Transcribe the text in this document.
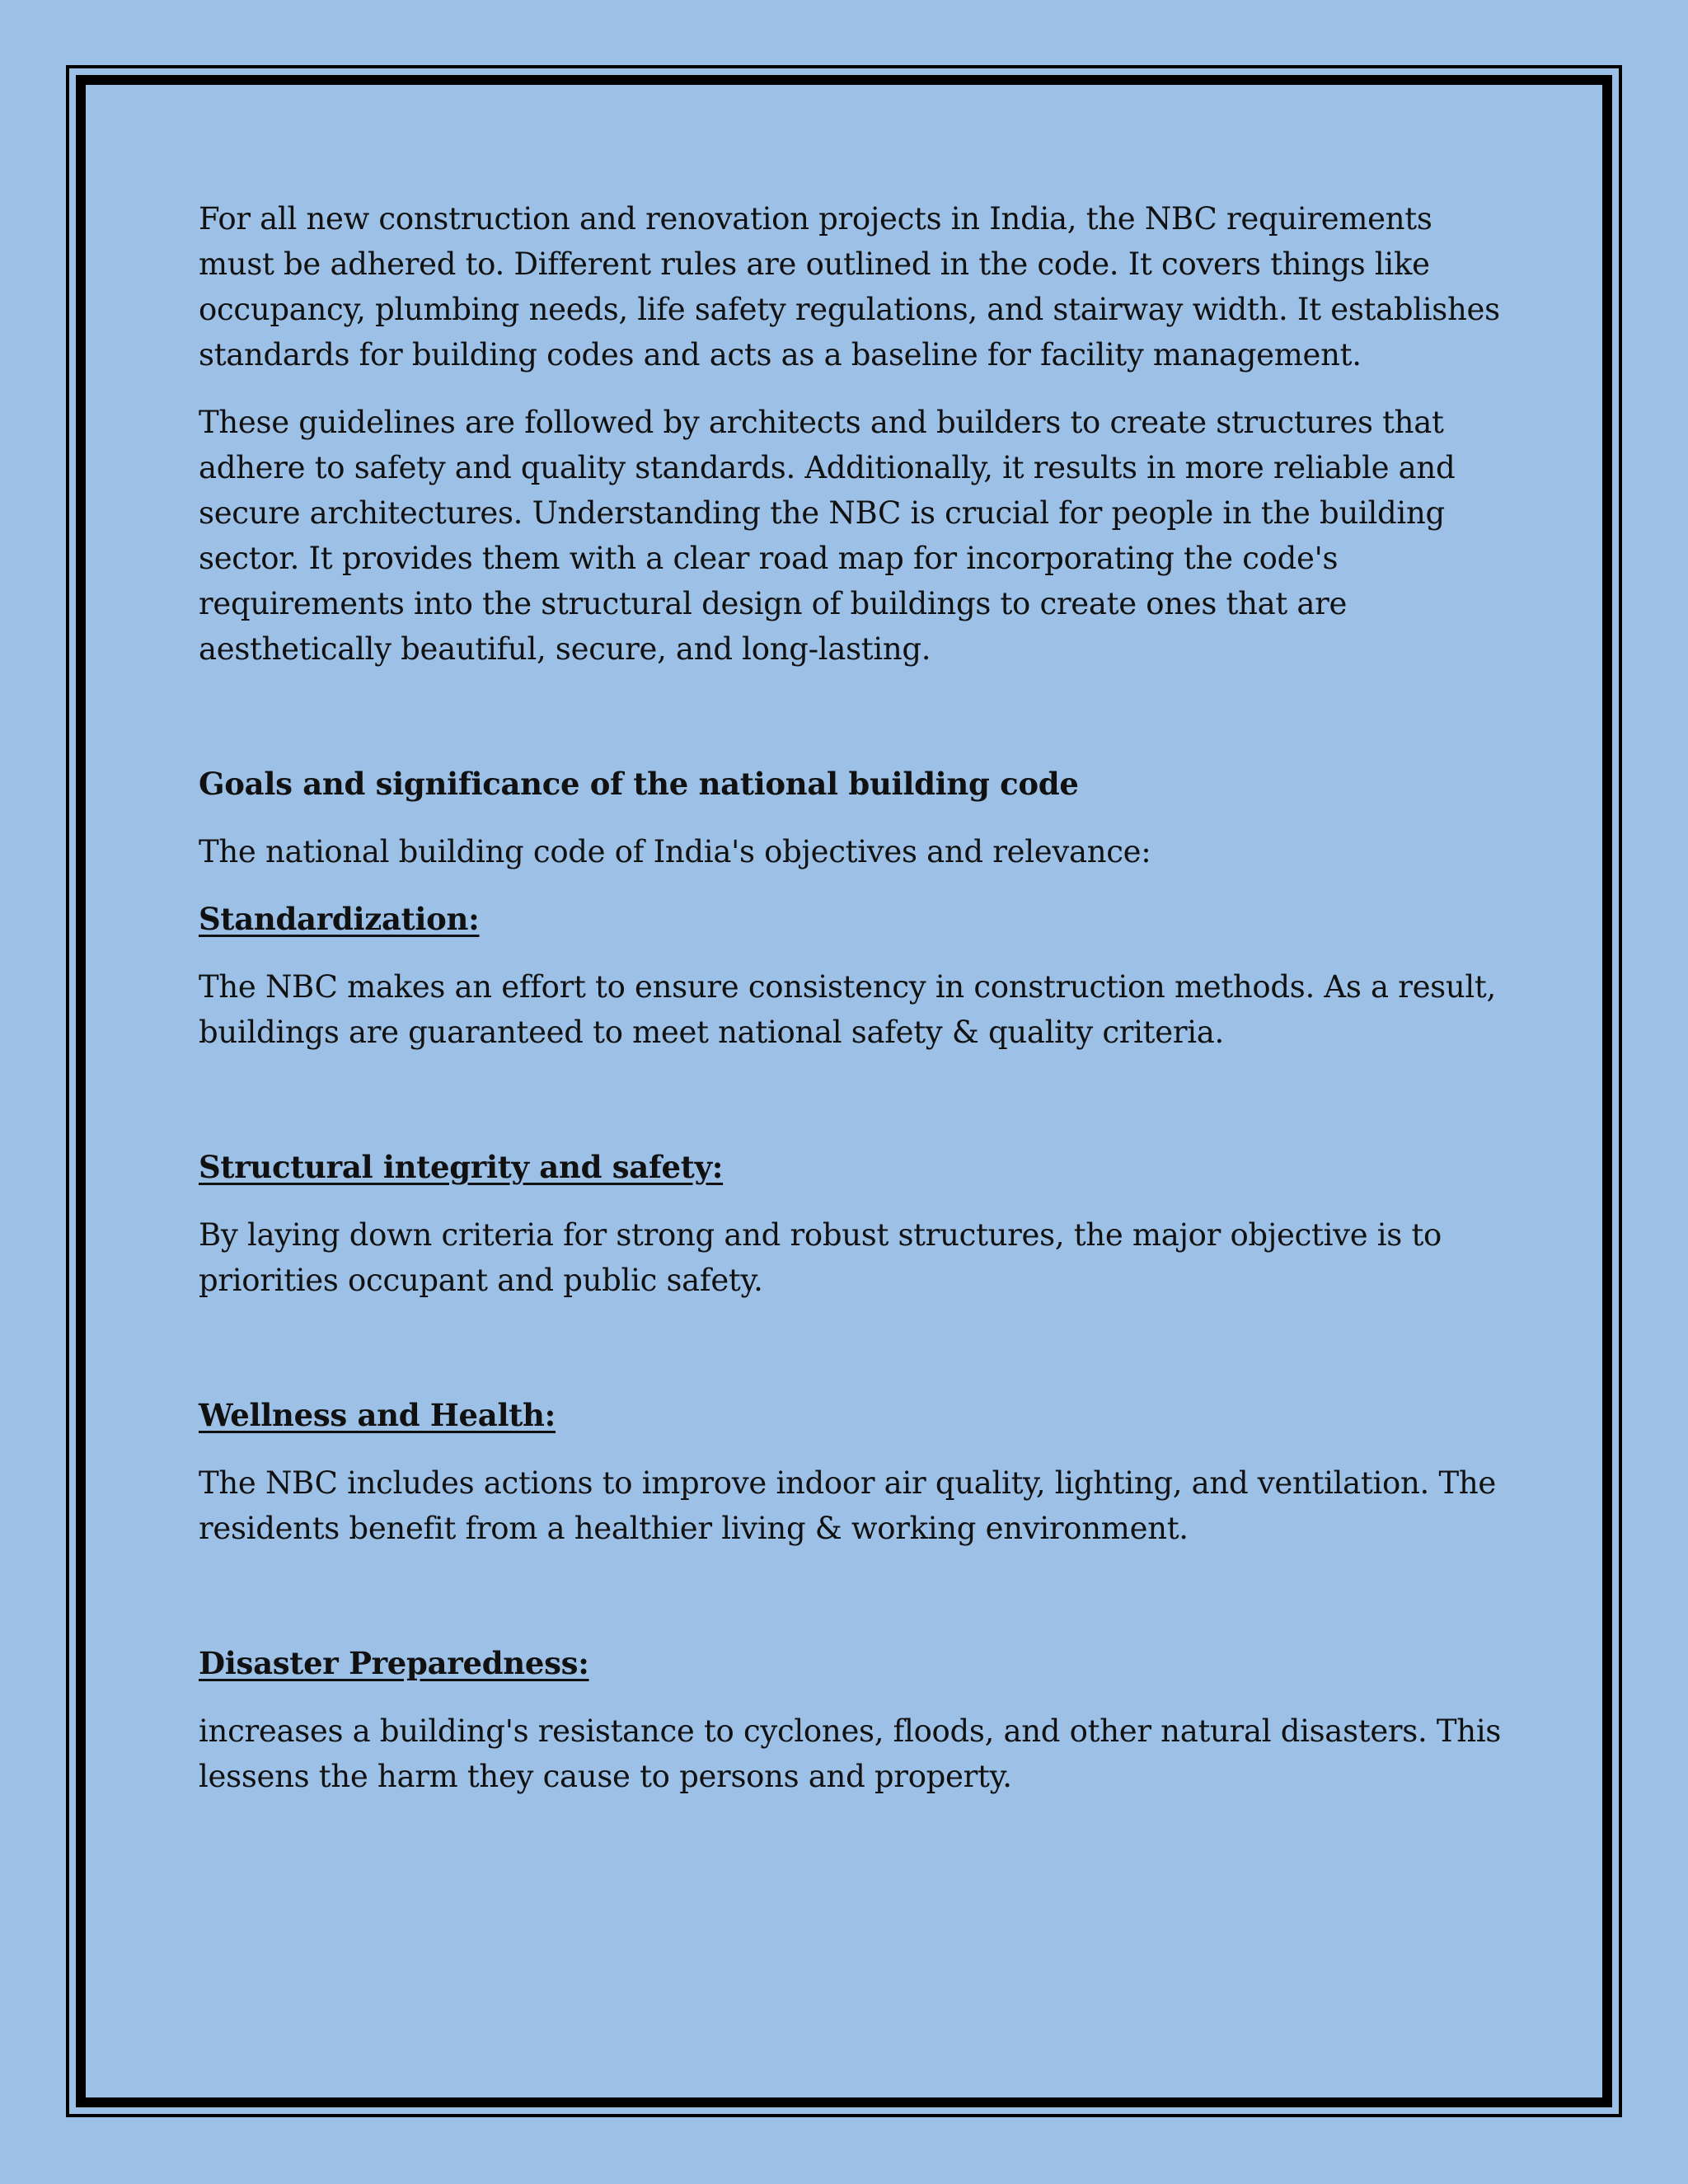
For all new construction and renovation projects in India, the NBC requirements must be adhered to. Different rules are outlined in the code. It covers things like occupancy, plumbing needs, life safety regulations, and stairway width. It establishes standards for building codes and acts as a baseline for facility management.

These guidelines are followed by architects and builders to create structures that adhere to safety and quality standards. Additionally, it results in more reliable and secure architectures. Understanding the NBC is crucial for people in the building sector. It provides them with a clear road map for incorporating the code's requirements into the structural design of buildings to create ones that are aesthetically beautiful, secure, and long-lasting.

Goals and significance of the national building code

The national building code of India's objectives and relevance:

Standardization:

The NBC makes an effort to ensure consistency in construction methods. As a result, buildings are guaranteed to meet national safety & quality criteria.

Structural integrity and safety:

By laying down criteria for strong and robust structures, the major objective is to priorities occupant and public safety.

Wellness and Health:

The NBC includes actions to improve indoor air quality, lighting, and ventilation. The residents benefit from a healthier living & working environment.

Disaster Preparedness:

increases a building's resistance to cyclones, floods, and other natural disasters. This lessens the harm they cause to persons and property.
